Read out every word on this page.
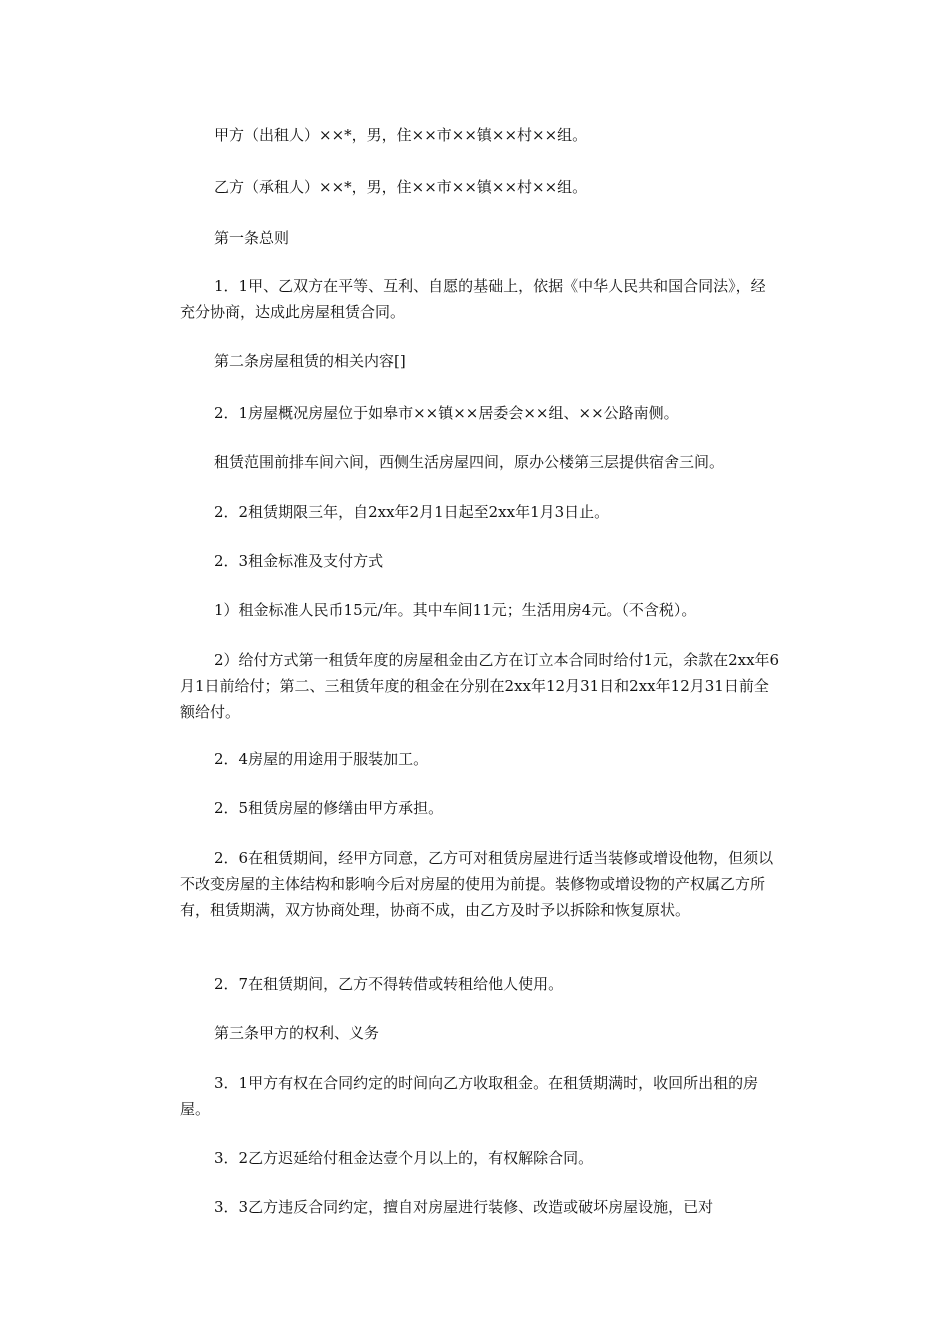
甲方（出租人）××*，男，住××市××镇××村××组。

乙方（承租人）××*，男，住××市××镇××村××组。

第一条总则

1．1甲、乙双方在平等、互利、自愿的基础上，依据《中华人民共和国合同法》，经充分协商，达成此房屋租赁合同。

第二条房屋租赁的相关内容[]

2．1房屋概况房屋位于如皋市××镇××居委会××组、××公路南侧。

租赁范围前排车间六间，西侧生活房屋四间，原办公楼第三层提供宿舍三间。

2．2租赁期限三年，自2xx年2月1日起至2xx年1月3日止。

2．3租金标准及支付方式

1）租金标准人民币15元/年。其中车间11元；生活用房4元。（不含税）。

2）给付方式第一租赁年度的房屋租金由乙方在订立本合同时给付1元，余款在2xx年6月1日前给付；第二、三租赁年度的租金在分别在2xx年12月31日和2xx年12月31日前全额给付。

2．4房屋的用途用于服装加工。

2．5租赁房屋的修缮由甲方承担。

2．6在租赁期间，经甲方同意，乙方可对租赁房屋进行适当装修或增设他物，但须以不改变房屋的主体结构和影响今后对房屋的使用为前提。装修物或增设物的产权属乙方所有，租赁期满，双方协商处理，协商不成，由乙方及时予以拆除和恢复原状。

2．7在租赁期间，乙方不得转借或转租给他人使用。

第三条甲方的权利、义务

3．1甲方有权在合同约定的时间向乙方收取租金。在租赁期满时，收回所出租的房屋。

3．2乙方迟延给付租金达壹个月以上的，有权解除合同。

3．3乙方违反合同约定，擅自对房屋进行装修、改造或破坏房屋设施，已对
